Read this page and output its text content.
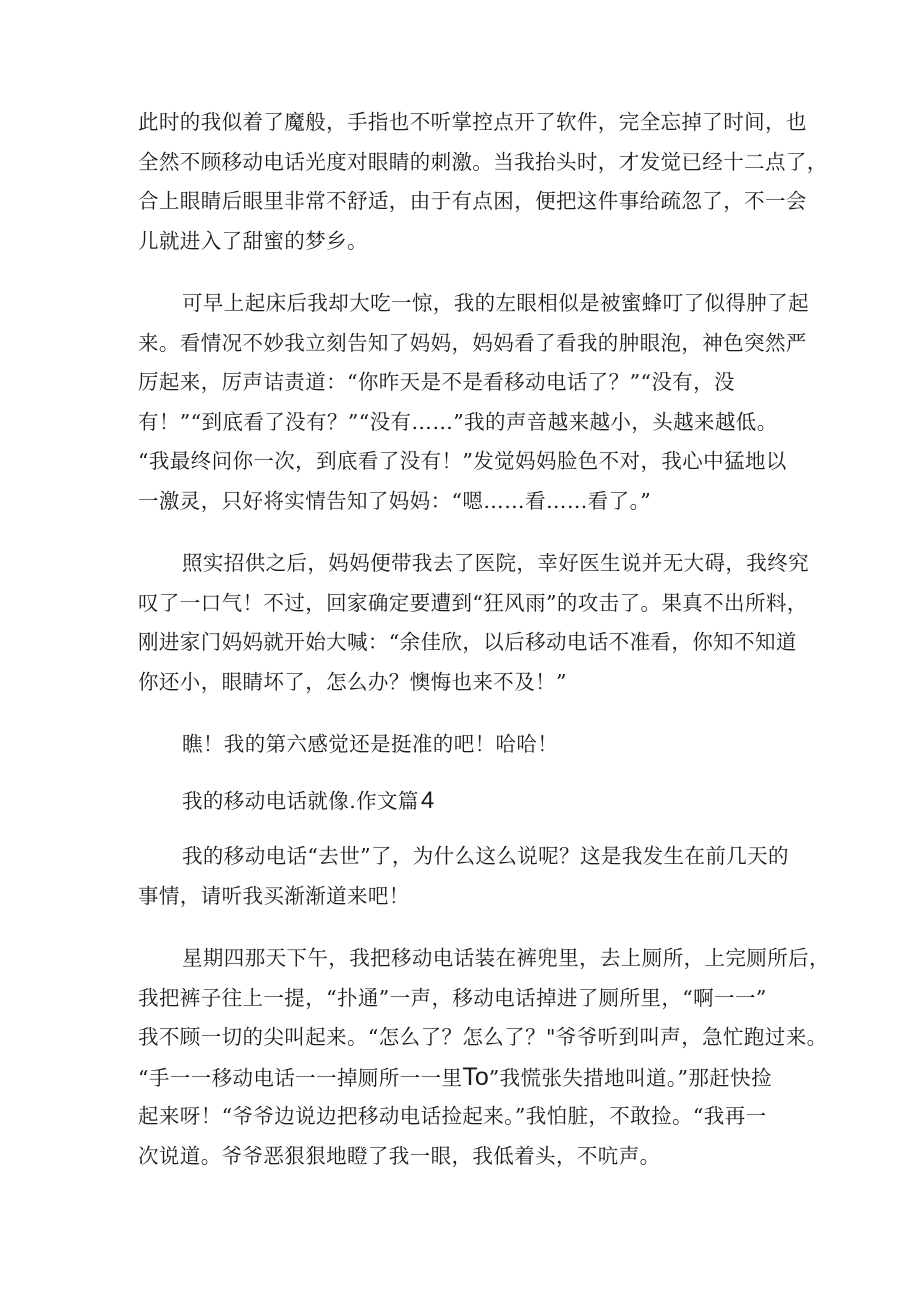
此时的我似着了魔般，手指也不听掌控点开了软件，完全忘掉了时间，也
全然不顾移动电话光度对眼睛的刺激。当我抬头时，才发觉已经十二点了，
合上眼睛后眼里非常不舒适，由于有点困，便把这件事给疏忽了，不一会
儿就进入了甜蜜的梦乡。
可早上起床后我却大吃一惊，我的左眼相似是被蜜蜂叮了似得肿了起
来。看情况不妙我立刻告知了妈妈，妈妈看了看我的肿眼泡，神色突然严
厉起来，厉声诘责道：“你昨天是不是看移动电话了？”“没有，没
有！”“到底看了没有？”“没有……”我的声音越来越小，头越来越低。
“我最终问你一次，到底看了没有！”发觉妈妈脸色不对，我心中猛地以
一激灵，只好将实情告知了妈妈：“嗯……看……看了。”
照实招供之后，妈妈便带我去了医院，幸好医生说并无大碍，我终究
叹了一口气！不过，回家确定要遭到“狂风雨”的攻击了。果真不出所料，
刚进家门妈妈就开始大喊：“余佳欣，以后移动电话不准看，你知不知道
你还小，眼睛坏了，怎么办？懊悔也来不及！”
瞧！我的第六感觉还是挺准的吧！哈哈！
我的移动电话就像.作文篇4
我的移动电话“去世”了，为什么这么说呢？这是我发生在前几天的
事情，请听我买渐渐道来吧！
星期四那天下午，我把移动电话装在裤兜里，去上厕所，上完厕所后，
我把裤子往上一提，“扑通”一声，移动电话掉进了厕所里，“啊一一”
我不顾一切的尖叫起来。“怎么了？怎么了？"爷爷听到叫声，急忙跑过来。
“手一一移动电话一一掉厕所一一里To”我慌张失措地叫道。”那赶快捡
起来呀！“爷爷边说边把移动电话捡起来。”我怕脏，不敢捡。“我再一
次说道。爷爷恶狠狠地瞪了我一眼，我低着头，不吭声。
